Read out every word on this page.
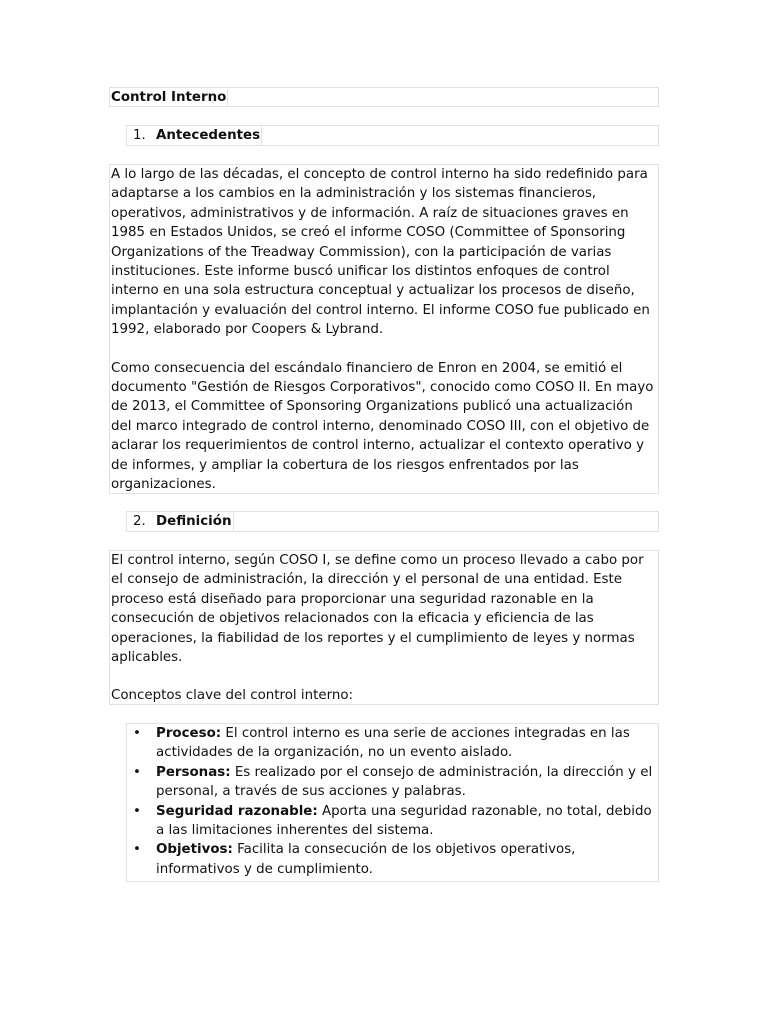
Control Interno
1. Antecedentes

A lo largo de las décadas, el concepto de control interno ha sido redefinido para adaptarse a los cambios en la administración y los sistemas financieros, operativos, administrativos y de información. A raíz de situaciones graves en 1985 en Estados Unidos, se creó el informe COSO (Committee of Sponsoring Organizations of the Treadway Commission), con la participación de varias instituciones. Este informe buscó unificar los distintos enfoques de control interno en una sola estructura conceptual y actualizar los procesos de diseño, implantación y evaluación del control interno. El informe COSO fue publicado en 1992, elaborado por Coopers & Lybrand.

Como consecuencia del escándalo financiero de Enron en 2004, se emitió el documento "Gestión de Riesgos Corporativos", conocido como COSO II. En mayo de 2013, el Committee of Sponsoring Organizations publicó una actualización del marco integrado de control interno, denominado COSO III, con el objetivo de aclarar los requerimientos de control interno, actualizar el contexto operativo y de informes, y ampliar la cobertura de los riesgos enfrentados por las organizaciones.

2. Definición

El control interno, según COSO I, se define como un proceso llevado a cabo por el consejo de administración, la dirección y el personal de una entidad. Este proceso está diseñado para proporcionar una seguridad razonable en la consecución de objetivos relacionados con la eficacia y eficiencia de las operaciones, la fiabilidad de los reportes y el cumplimiento de leyes y normas aplicables.

Conceptos clave del control interno:

• Proceso: El control interno es una serie de acciones integradas en las actividades de la organización, no un evento aislado.
• Personas: Es realizado por el consejo de administración, la dirección y el personal, a través de sus acciones y palabras.
• Seguridad razonable: Aporta una seguridad razonable, no total, debido a las limitaciones inherentes del sistema.
• Objetivos: Facilita la consecución de los objetivos operativos, informativos y de cumplimiento.
